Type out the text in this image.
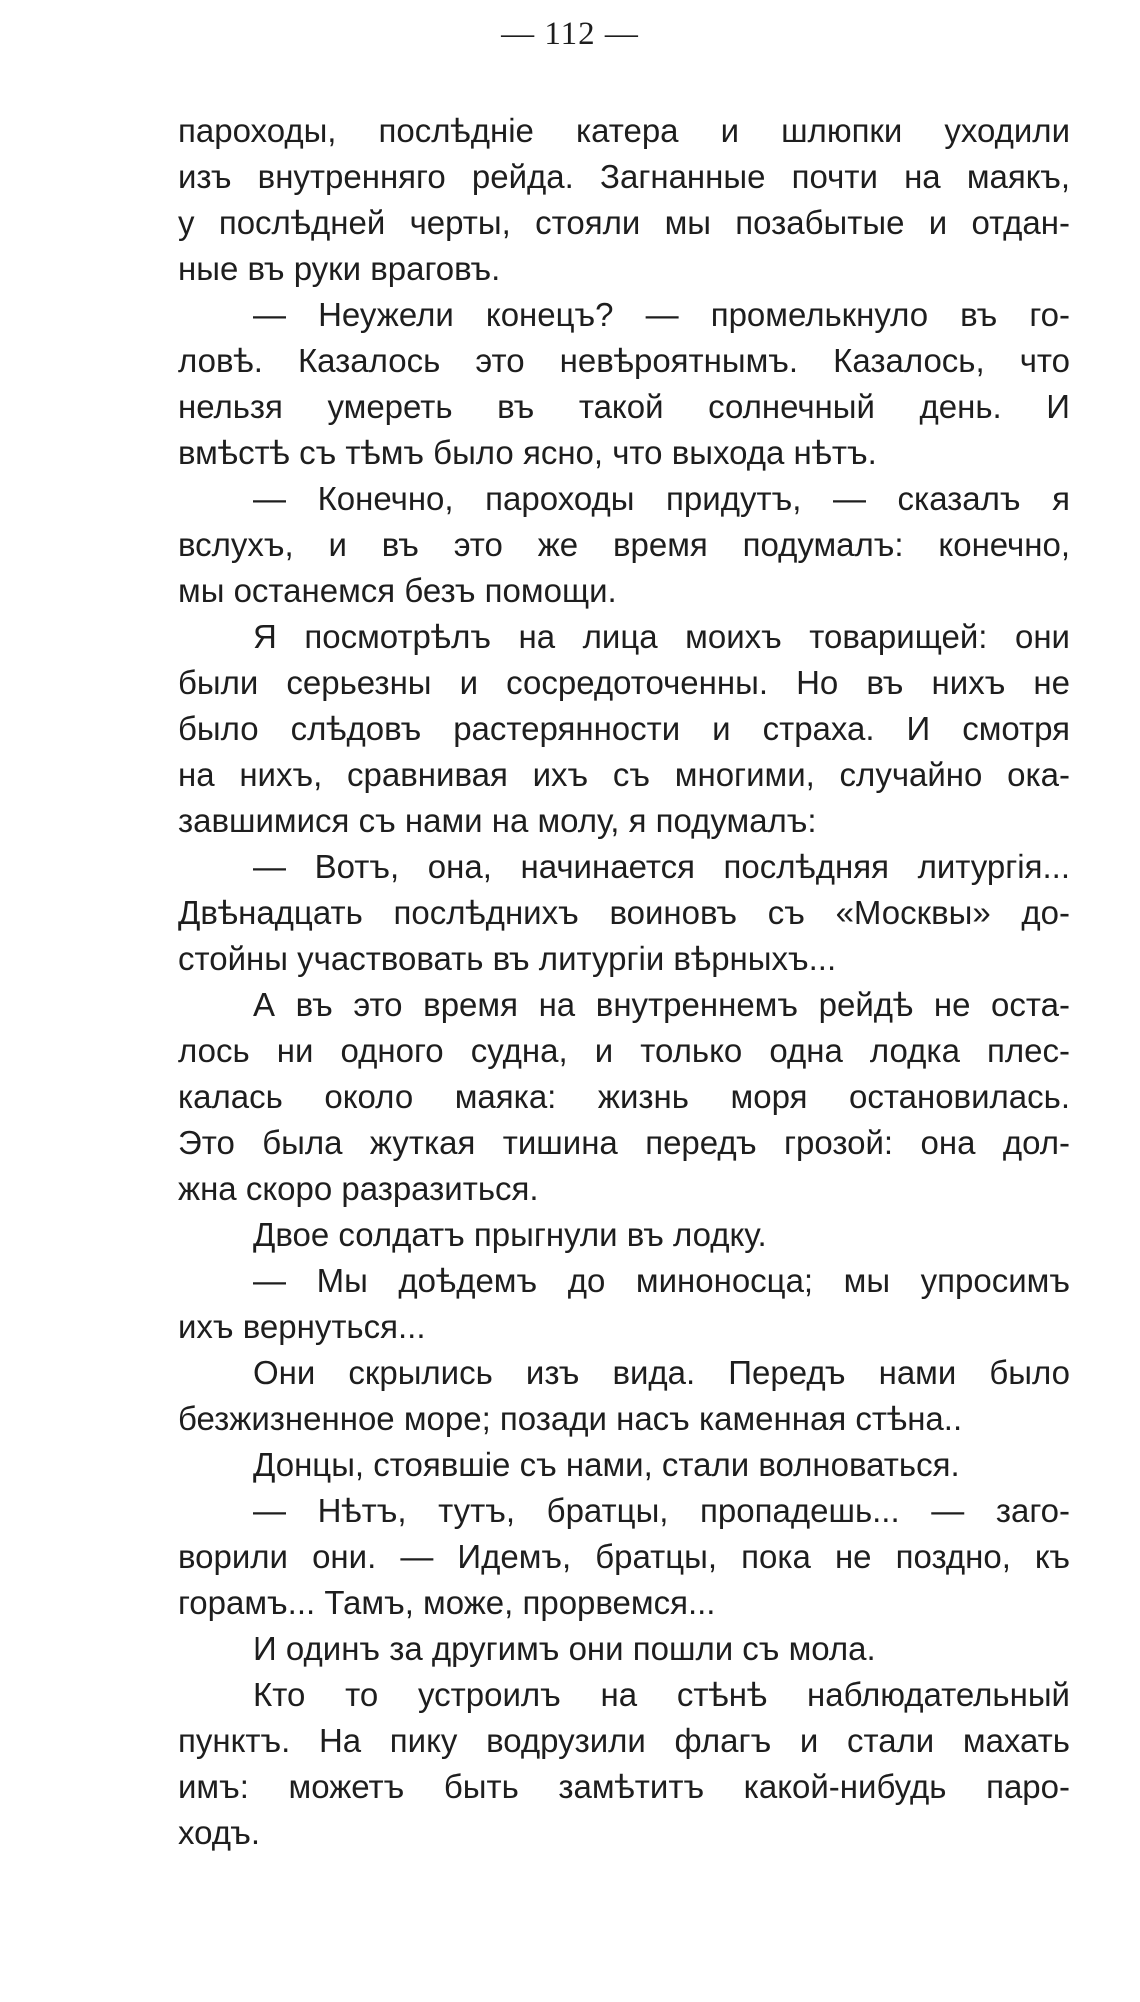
— 112 —
пароходы, послѣдніе катера и шлюпки уходили
изъ внутренняго рейда. Загнанные почти на маякъ,
у послѣдней черты, стояли мы позабытые и отдан-
ные въ руки враговъ.
— Неужели конецъ? — промелькнуло въ го-
ловѣ. Казалось это невѣроятнымъ. Казалось, что
нельзя умереть въ такой солнечный день. И
вмѣстѣ съ тѣмъ было ясно, что выхода нѣтъ.
— Конечно, пароходы придутъ, — сказалъ я
вслухъ, и въ это же время подумалъ: конечно,
мы останемся безъ помощи.
Я посмотрѣлъ на лица моихъ товарищей: они
были серьезны и сосредоточенны. Но въ нихъ не
было слѣдовъ растерянности и страха. И смотря
на нихъ, сравнивая ихъ съ многими, случайно ока-
завшимися съ нами на молу, я подумалъ:
— Вотъ, она, начинается послѣдняя литургія...
Двѣнадцать послѣднихъ воиновъ съ «Москвы» до-
стойны участвовать въ литургіи вѣрныхъ...
А въ это время на внутреннемъ рейдѣ не оста-
лось ни одного судна, и только одна лодка плес-
калась около маяка: жизнь моря остановилась.
Это была жуткая тишина передъ грозой: она дол-
жна скоро разразиться.
Двое солдатъ прыгнули въ лодку.
— Мы доѣдемъ до миноносца; мы упросимъ
ихъ вернуться...
Они скрылись изъ вида. Передъ нами было
безжизненное море; позади насъ каменная стѣна..
Донцы, стоявшіе съ нами, стали волноваться.
— Нѣтъ, тутъ, братцы, пропадешь... — заго-
ворили они. — Идемъ, братцы, пока не поздно, къ
горамъ... Тамъ, може, прорвемся...
И одинъ за другимъ они пошли съ мола.
Кто то устроилъ на стѣнѣ наблюдательный
пунктъ. На пику водрузили флагъ и стали махать
имъ: можетъ быть замѣтитъ какой-нибудь паро-
ходъ.
